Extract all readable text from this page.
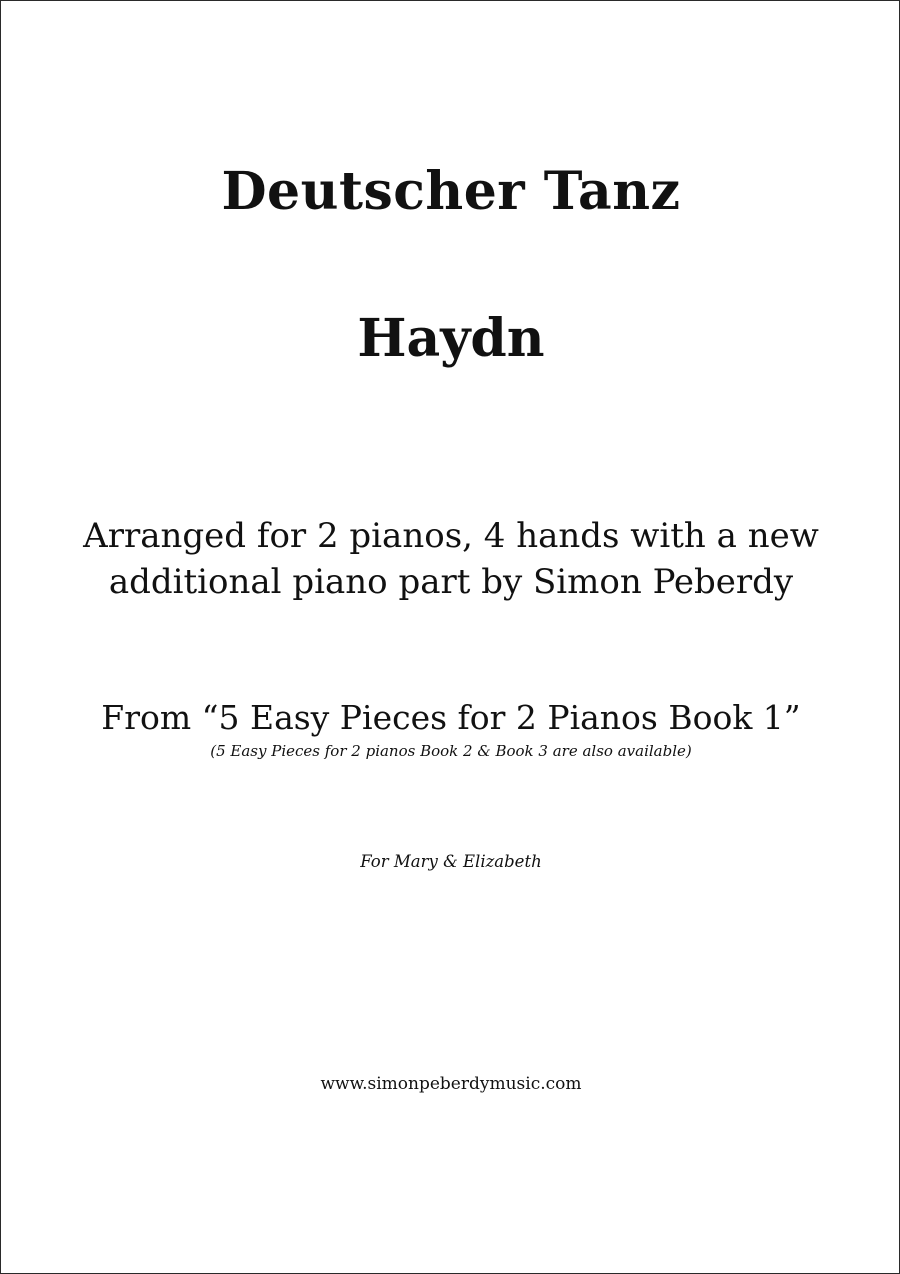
Deutscher Tanz
Haydn
Arranged for 2 pianos, 4 hands with a new
additional piano part by Simon Peberdy
From “5 Easy Pieces for 2 Pianos Book 1”
(5 Easy Pieces for 2 pianos Book 2 & Book 3 are also available)
For Mary & Elizabeth
www.simonpeberdymusic.com
